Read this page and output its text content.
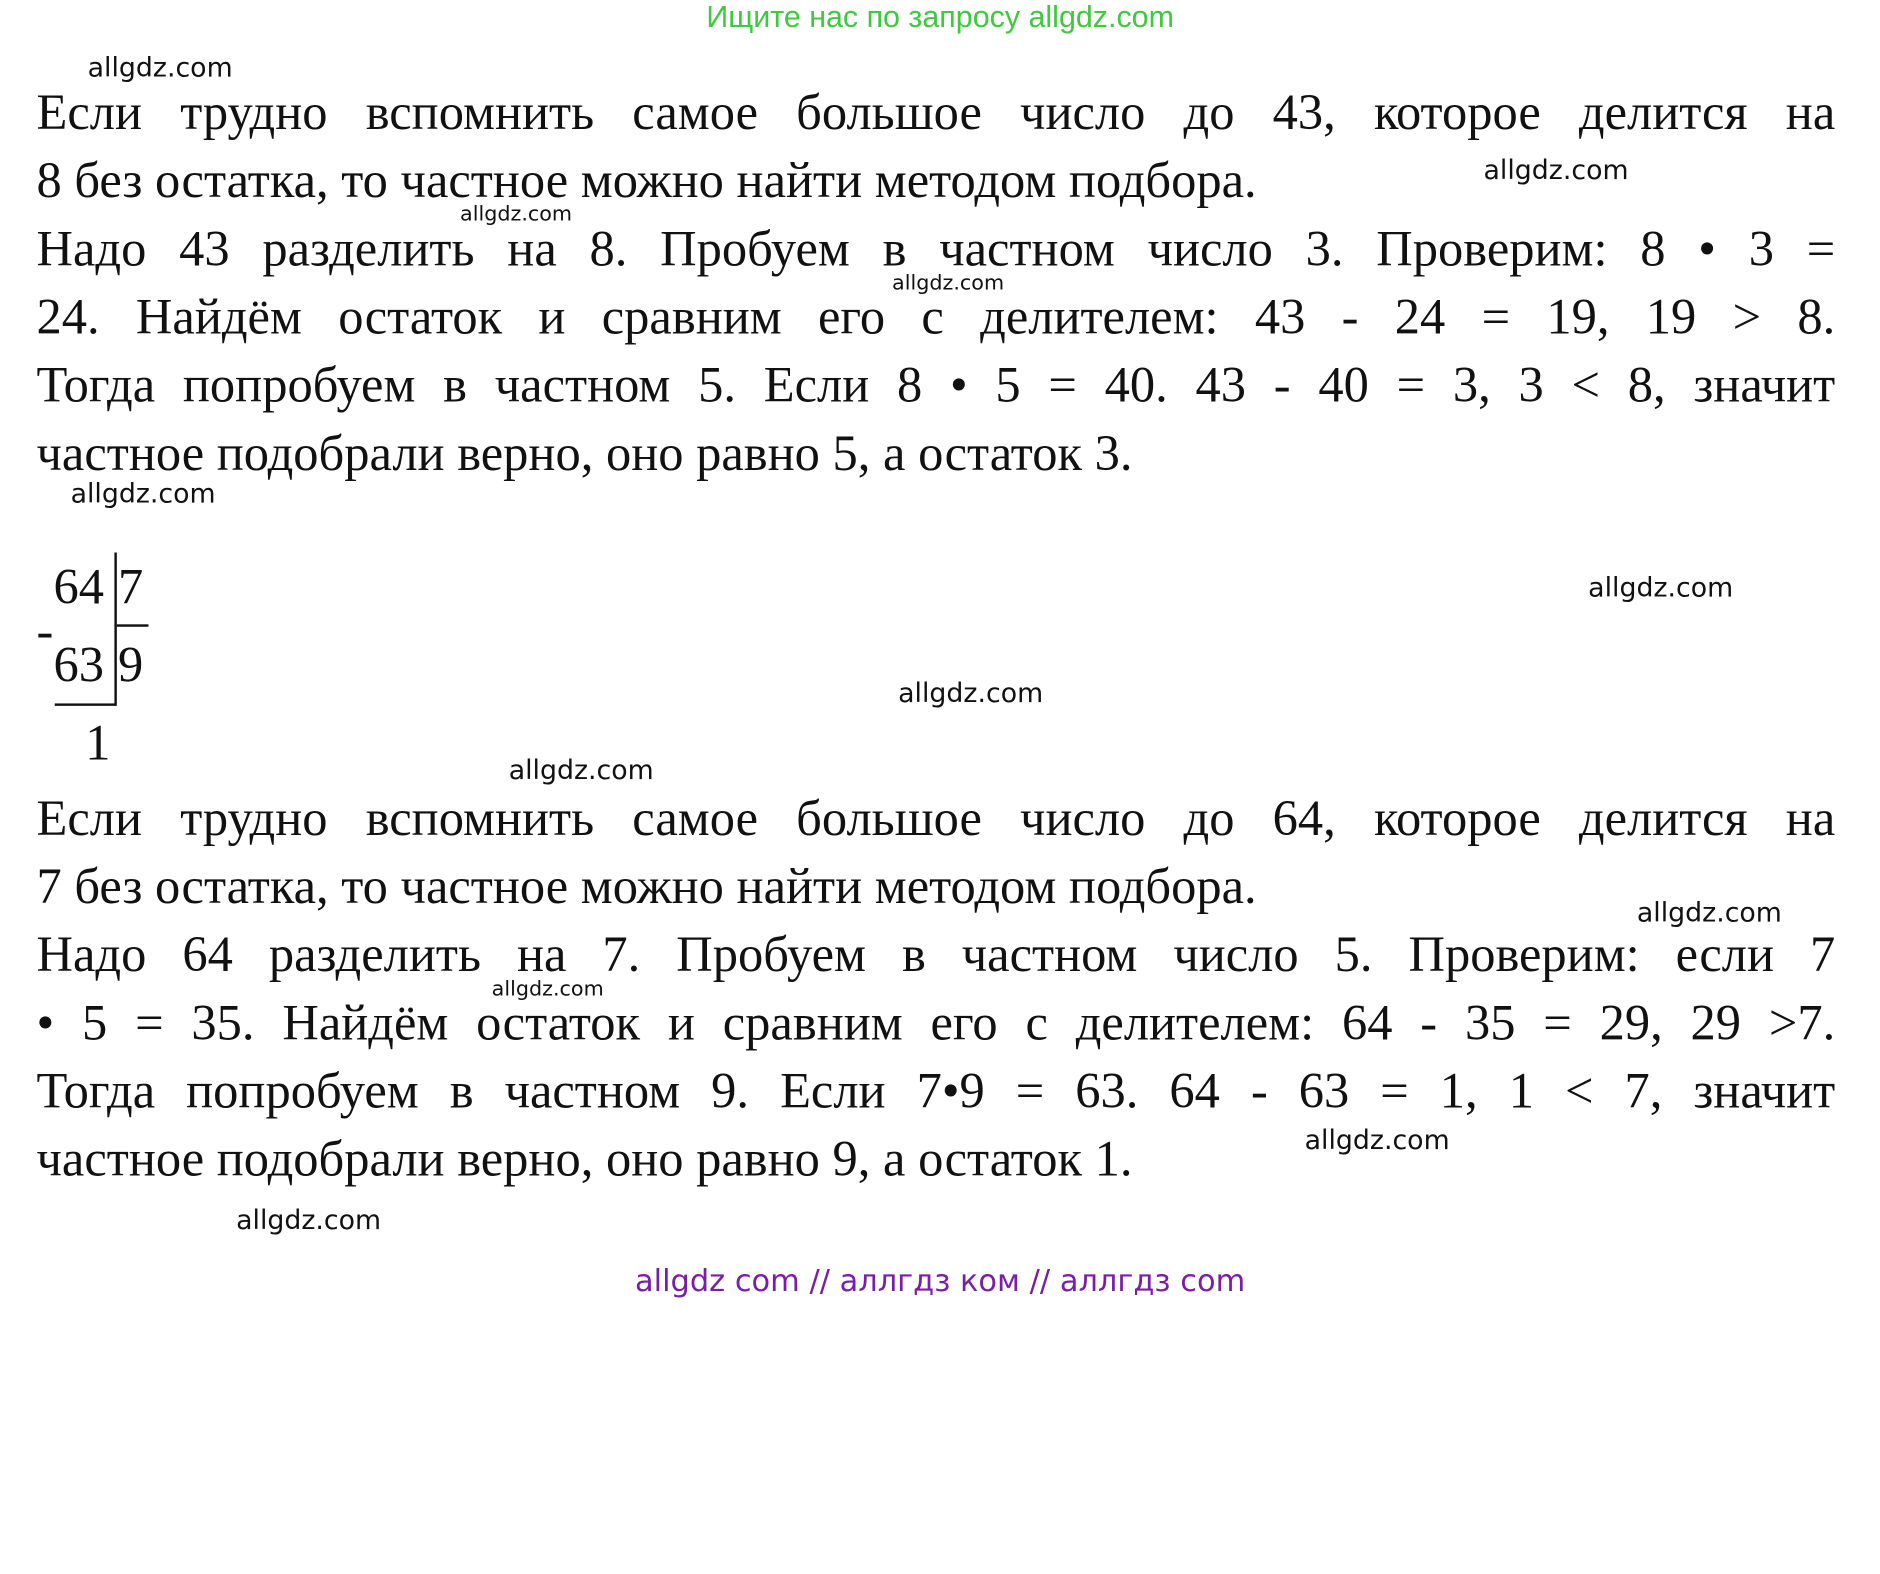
Ищите нас по запросу allgdz.com
allgdz.com
allgdz.com
allgdz.com
allgdz.com
allgdz.com
allgdz.com
allgdz.com
allgdz.com
allgdz.com
allgdz.com
allgdz.com
allgdz.com
Если трудно вспомнить самое большое число до 43, которое делится на
8 без остатка, то частное можно найти методом подбора.
Надо 43 разделить на 8. Пробуем в частном число 3. Проверим: 8 • 3 =
24. Найдём остаток и сравним его с делителем: 43 - 24 = 19, 19 > 8.
Тогда попробуем в частном 5. Если 8 • 5 = 40. 43 - 40 = 3, 3 < 8, значит
частное подобрали верно, оно равно 5, а остаток 3.
64 7
-
63 9
1
Если трудно вспомнить самое большое число до 64, которое делится на
7 без остатка, то частное можно найти методом подбора.
Надо 64 разделить на 7. Пробуем в частном число 5. Проверим: если 7
• 5 = 35. Найдём остаток и сравним его с делителем: 64 - 35 = 29, 29 >7.
Тогда попробуем в частном 9. Если 7•9 = 63. 64 - 63 = 1, 1 < 7, значит
частное подобрали верно, оно равно 9, а остаток 1.
allgdz com // аллгдз ком // аллгдз com
